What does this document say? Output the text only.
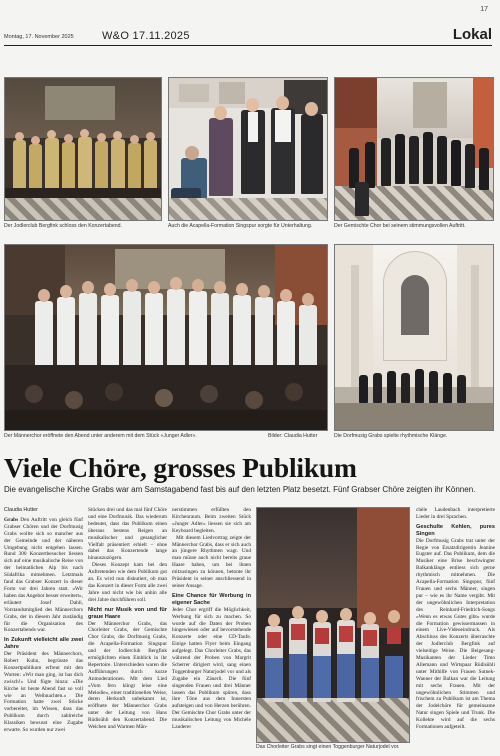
17
Montag, 17. November 2025	W&O 17.11.2025	Lokal
Der Jodlerclub Bergfink schloss den Konzertabend.	Auch die Acapella-Formation Singspur sorgte für Unterhaltung.	Der Gemischte Chor bei seinem stimmungsvollen Auftritt.
Der Männerchor eröffnete den Abend unter anderem mit dem Stück «Junger Adler».	Bilder: Claudia Hutter	Die Dorfmusig Grabs spielte rhythmische Klänge.
Viele Chöre, grosses Publikum
Die evangelische Kirche Grabs war am Samstagabend fast bis auf den letzten Platz besetzt. Fünf Grabser Chöre zeigten ihr Können.
Claudia Hutter

Grabs Den Auftritt von gleich fünf Grabser Chören und der Dorfmusig Grabs wollte sich so mancher aus der Gemeinde und der näheren Umgebung nicht entgehen lassen. Rund 300 Konzertbesucher liessen sich auf eine musikalische Reise von der heimatlichen Alp bis nach Südafrika mitnehmen. Letztmals fand das Grabser Konzert in dieser Form vor drei Jahren statt. «Wir haben das Angebot besser erweitert», erläutert Josef Dahli, Vorstandsmitglied des Männerchors Grabs, der in diesem Jahr zuständig für die Organisation des Konzertabends war.

In Zukunft vielleicht alle zwei Jahre

Der Präsident des Männerchors, Robert Kuhn, begrüsste das Konzertpublikum erfreut mit den Worten: «Wir man ging, ist bas dich zwisch!» Und fügte hinzu: «Die Kirche ist heute Abend fast so voll wie an Weihnachten.» Die Formation hatte zwei Stücke vorbereitet, im Wissen, dass das Publikum durch zahlreiche Klassiken bewusst eine Zugabe erwarte. So wurden nur zwei

Stücken drei und das mal fünf Chöre und eine Dorfmusik. Das wiederum bedeutet, dass das Publikum einen überaus bestens Reigen an musikalischer und gesanglicher Vielfalt präsentiert erhielt – ohne dabei das Konzertende lange hinauszuzögern.

Dieses Konzept kam bei den Auftretenden wie dem Publikum gut an. Es wird nun diskutiert, ob man das Konzert in dieser Form alle zwei Jahre und nicht wie bis anhin alle drei Jahre durchführen soll.

Nicht nur Musik von und für graue Haare

Der Männerchor Grabs, das Chorleiter Grabs, der Gemischte Chor Grabs, die Dorfmusig Grabs, die Acapella-Formation Singspur und der Jodlerclub Bergfink ermöglichten einen Einblick in ihr Repertoire. Unterschieden waren die Aufführungen durch kurze Anmoderationen. Mit dem Lied «Vom fern klingt leise eine Melodie», einer traditionellen Weise, deren Herkunft unbekannt ist, eröffnete der Männerchor Grabs unter der Leitung von Hans Rüdisühli den Konzertabend. Die Weichen und Warmen Män-

nerstimmen erfüllten den Kirchenraum. Beim zweiten Stück «Junger Adler» liessen sie sich am Keyboard begleiten.

Mit diesem Liedvortrag zeigte der Männerchor Grabs, dass er sich auch an jüngere Rhythmen wagt. Und man müsse auch nicht bereits graue Haare haben, um bei ihnen mitzusingen zu können, betonte ihr Präsident in seiner anschliessend in seiner Ansage.

Eine Chance für Werbung in eigener Sache

Jeder Chor ergriff die Möglichkeit, Werbung für sich zu machen. So wurde auf die Daten der Proben hingewiesen oder auf bevorstehende Konzerte oder eine CD-Taufe. Einige hatten Flyer beim Eingang aufgelegt. Das Chorleiter Grabs, das während der Proben von Margrit Scherrer dirigiert wird, sang einen Toggenburger Naturjodel vor und als Zugabe ein Zäuerli. Die fünf singenden Frauen und drei Männer lassen das Publikum spüren, dass ihre Töne aus dem Innersten aufsteigen und von Herzen berühren. Der Gemischte Chor Grabs unter der musikalischen Leitung von Michèle Lauderer

Das Chorleiter Grabs singt einen Toggenburger Naturjodel vor.

chèle Laudenbach interpretierte Lieder in drei Sprachen.

Geschulte Kehlen, pures Singen

Die Dorfmusig Grabs trat unter der Regie von Ersatzdirigentin Jeanine Eugster auf. Das Publikum, dem die Musiker eine Brise beschwingter Balkanklänge entliess sich gerne rhythmisch mitnehmen. Die Acapella-Formation Singspur, fünf Frauen und sechs Männer, singen pur – wie es ihr Name vergibt. Mit der ungewöhnlichen Interpretation des Reinhard-Friedrich-Songs «Wenn es etwas Gutes gibt» wurde die Formation gewissermassen in einem Live-Videoeindruck. Als Abschluss des Konzerts überraschte der Jodlerclub Bergfink auf vielseitige Weise. Die Beigesang-Musikanten der Lieder Timo Allemann und Wirtspaar Rüdisühli unter Mithilfe von Frauen Sutnek-Wanner der Balkan war die Leitung mit sechs Frauen. Mit der ungewöhnlichen Stimmen und frischem zu Publikum ist am Thema der Jodelchöre für gemeinsame Natur singen Spiele und Trunk. Die Kollekte wird auf die sechs Formationen aufgeteilt.
